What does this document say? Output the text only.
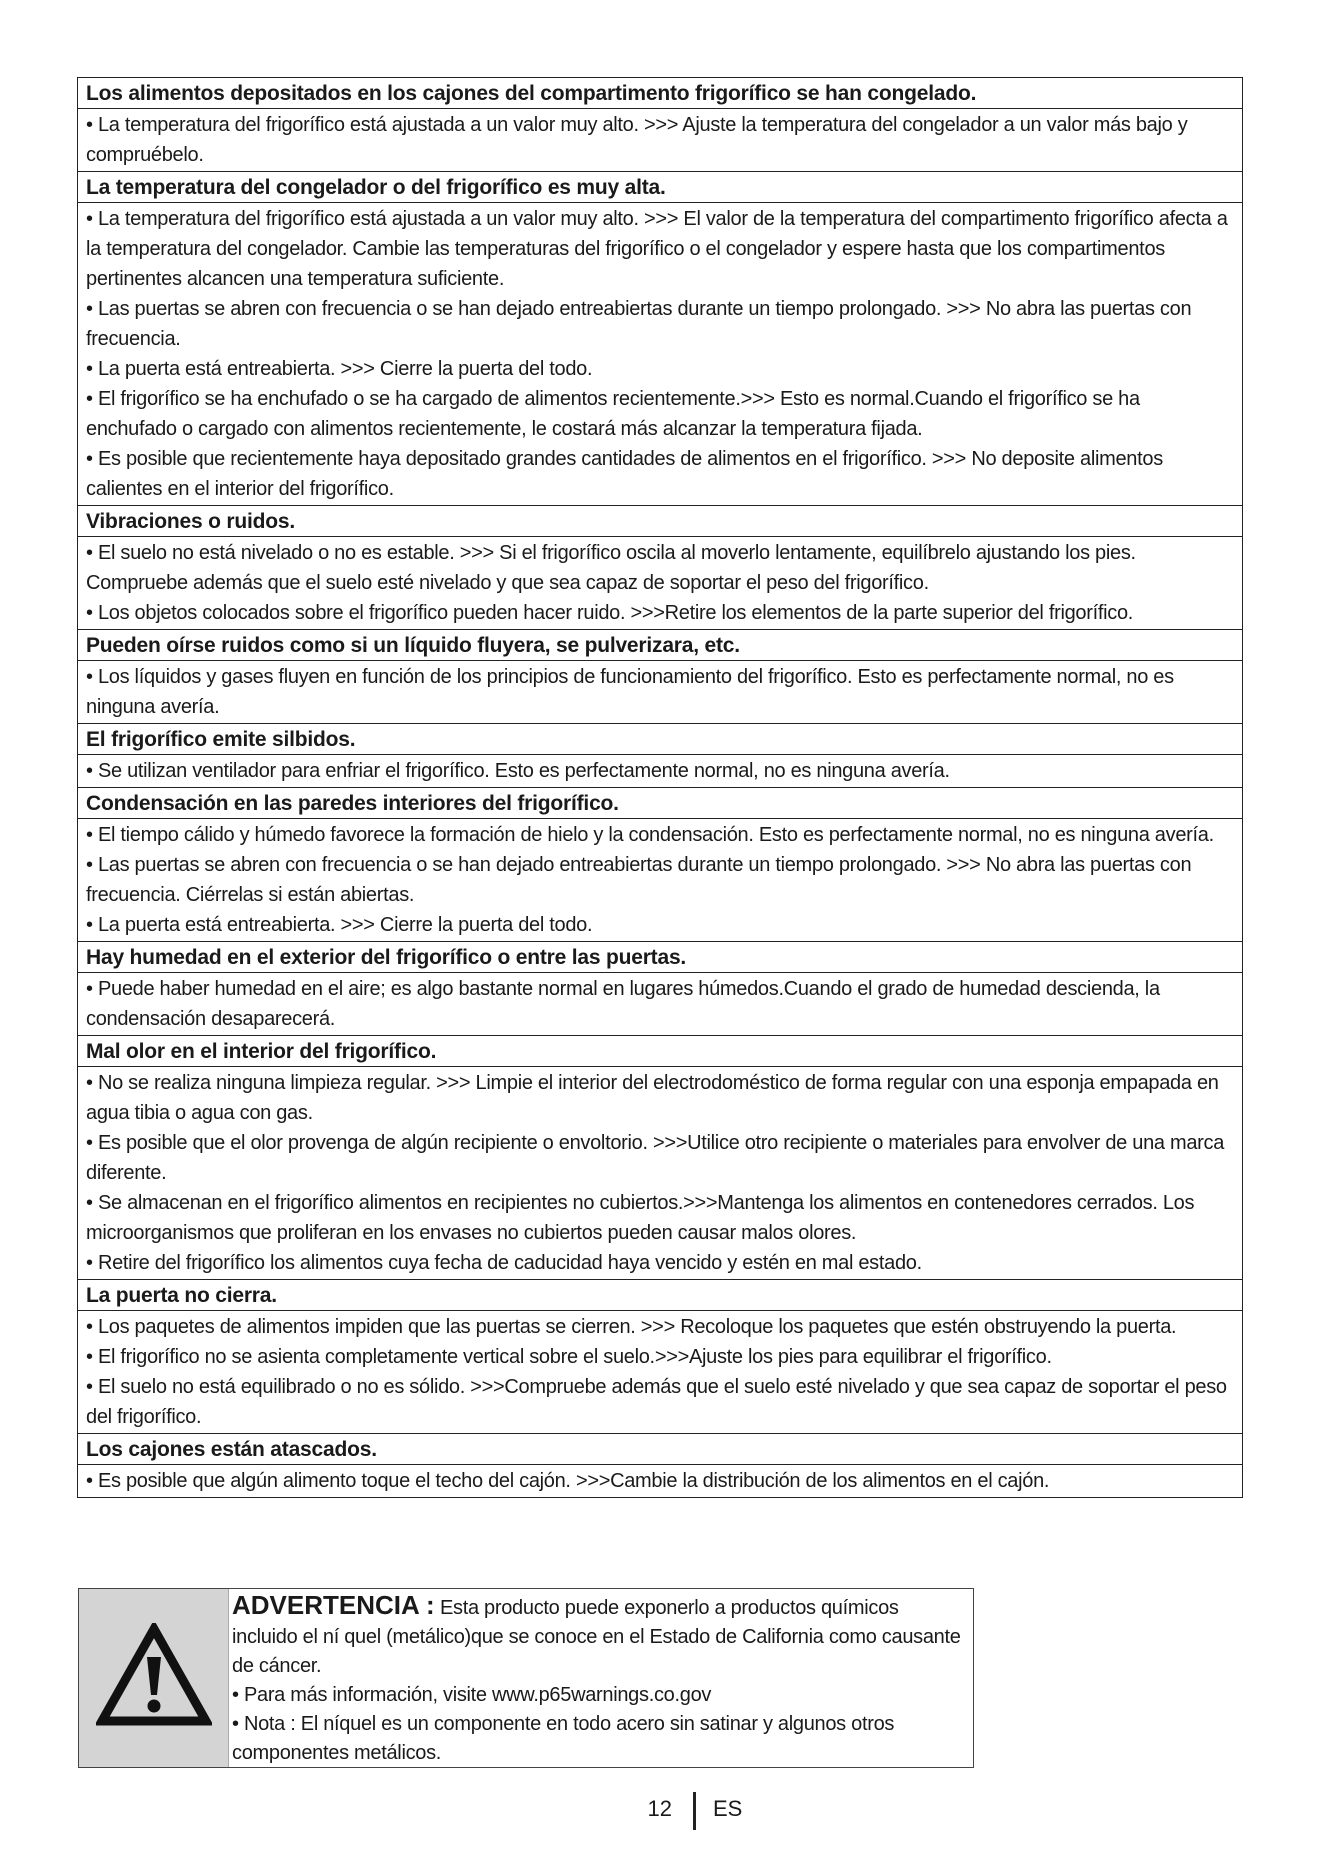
Los alimentos depositados en los cajones del compartimento frigorífico se han congelado.

• La temperatura del frigorífico está ajustada a un valor muy alto. >>> Ajuste la temperatura del congelador a un valor más bajo y compruébelo.

La temperatura del congelador o del frigorífico es muy alta.

• La temperatura del frigorífico está ajustada a un valor muy alto. >>> El valor de la temperatura del compartimento frigorífico afecta a la temperatura del congelador. Cambie las temperaturas del frigorífico o el congelador y espere hasta que los compartimentos pertinentes alcancen una temperatura suficiente.

• Las puertas se abren con frecuencia o se han dejado entreabiertas durante un tiempo prolongado. >>> No abra las puertas con frecuencia.

• La puerta está entreabierta. >>> Cierre la puerta del todo.

• El frigorífico se ha enchufado o se ha cargado de alimentos recientemente.>>> Esto es normal.Cuando el frigorífico se ha enchufado o cargado con alimentos recientemente, le costará más alcanzar la temperatura fijada.

• Es posible que recientemente haya depositado grandes cantidades de alimentos en el frigorífico. >>> No deposite alimentos calientes en el interior del frigorífico.

Vibraciones o ruidos.

• El suelo no está nivelado o no es estable. >>> Si el frigorífico oscila al moverlo lentamente, equilíbrelo ajustando los pies. Compruebe además que el suelo esté nivelado y que sea capaz de soportar el peso del frigorífico.

• Los objetos colocados sobre el frigorífico pueden hacer ruido. >>>Retire los elementos de la parte superior del frigorífico.

Pueden oírse ruidos como si un líquido fluyera, se pulverizara, etc.

• Los líquidos y gases fluyen en función de los principios de funcionamiento del frigorífico. Esto es perfectamente normal, no es ninguna avería.

El frigorífico emite silbidos.

• Se utilizan ventilador para enfriar el frigorífico. Esto es perfectamente normal, no es ninguna avería.

Condensación en las paredes interiores del frigorífico.

• El tiempo cálido y húmedo favorece la formación de hielo y la condensación. Esto es perfectamente normal, no es ninguna avería.

• Las puertas se abren con frecuencia o se han dejado entreabiertas durante un tiempo prolongado. >>> No abra las puertas con frecuencia. Ciérrelas si están abiertas.

• La puerta está entreabierta. >>> Cierre la puerta del todo.

Hay humedad en el exterior del frigorífico o entre las puertas.

• Puede haber humedad en el aire; es algo bastante normal en lugares húmedos.Cuando el grado de humedad descienda, la condensación desaparecerá.

Mal olor en el interior del frigorífico.

• No se realiza ninguna limpieza regular. >>> Limpie el interior del electrodoméstico de forma regular con una esponja empapada en agua tibia o agua con gas.

• Es posible que el olor provenga de algún recipiente o envoltorio. >>>Utilice otro recipiente o materiales para envolver de una marca diferente.

• Se almacenan en el frigorífico alimentos en recipientes no cubiertos.>>>Mantenga los alimentos en contenedores cerrados. Los microorganismos que proliferan en los envases no cubiertos pueden causar malos olores.

• Retire del frigorífico los alimentos cuya fecha de caducidad haya vencido y estén en mal estado.

La puerta no cierra.

• Los paquetes de alimentos impiden que las puertas se cierren. >>> Recoloque los paquetes que estén obstruyendo la puerta.

• El frigorífico no se asienta completamente vertical sobre el suelo.>>>Ajuste los pies para equilibrar el frigorífico.

• El suelo no está equilibrado o no es sólido. >>>Compruebe además que el suelo esté nivelado y que sea capaz de soportar el peso del frigorífico.

Los cajones están atascados.

• Es posible que algún alimento toque el techo del cajón. >>>Cambie la distribución de los alimentos en el cajón.

ADVERTENCIA : Esta producto puede exponerlo a productos químicos incluido el ní quel (metálico)que se conoce en el Estado de California como causante de cáncer.
• Para más información, visite www.p65warnings.co.gov
• Nota : El níquel es un componente en todo acero sin satinar y algunos otros componentes metálicos.
12 ES
